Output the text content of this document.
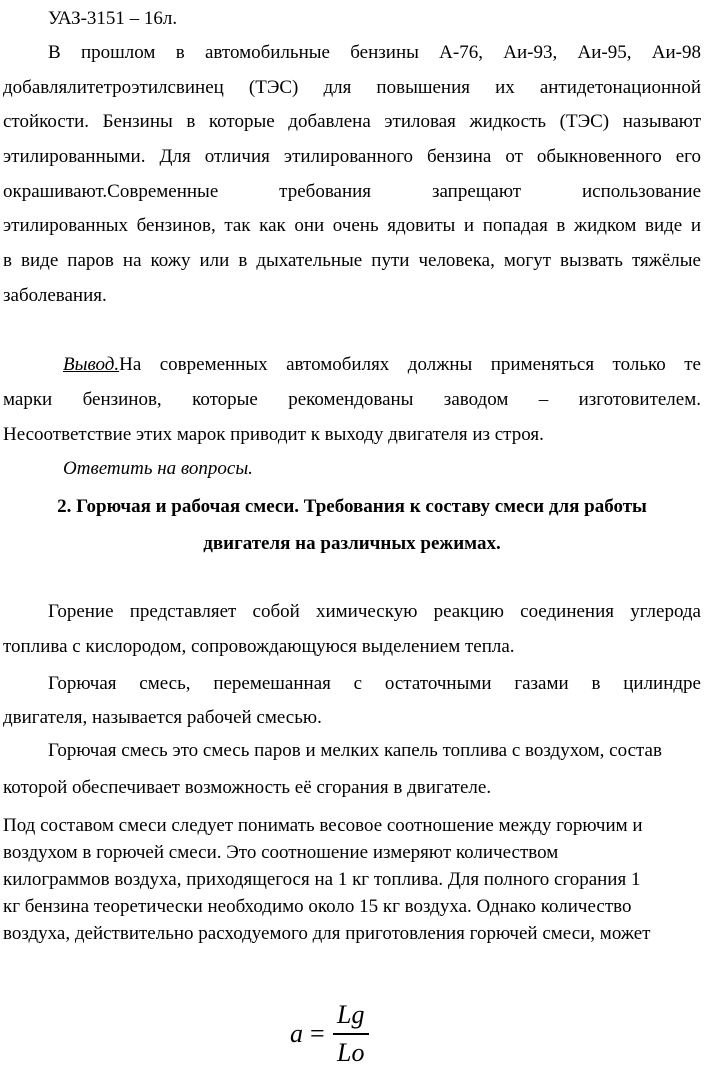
УАЗ-3151 – 16л.
В прошлом в автомобильные бензины А-76, Аи-93, Аи-95, Аи-98
добавлялитетроэтилсвинец (ТЭС) для повышения их антидетонационной
стойкости. Бензины в которые добавлена этиловая жидкость (ТЭС) называют
этилированными. Для отличия этилированного бензина от обыкновенного его
окрашивают.Современные требования запрещают использование
этилированных бензинов, так как они очень ядовиты и попадая в жидком виде и
в виде паров на кожу или в дыхательные пути человека, могут вызвать тяжёлые
заболевания.
Вывод. На современных автомобилях должны применяться только те
марки бензинов, которые рекомендованы заводом – изготовителем.
Несоответствие этих марок приводит к выходу двигателя из строя.
Ответить на вопросы.
2. Горючая и рабочая смеси. Требования к составу смеси для работы
двигателя на различных режимах.
Горение представляет собой химическую реакцию соединения углерода
топлива с кислородом, сопровождающуюся выделением тепла.
Горючая смесь, перемешанная с остаточными газами в цилиндре
двигателя, называется рабочей смесью.
Горючая смесь это смесь паров и мелких капель топлива с воздухом, состав
которой обеспечивает возможность её сгорания в двигателе.
Под составом смеси следует понимать весовое соотношение между горючим и
воздухом в горючей смеси. Это соотношение измеряют количеством
килограммов воздуха, приходящегося на 1 кг топлива. Для полного сгорания 1
кг бензина теоретически необходимо около 15 кг воздуха. Однако количество
воздуха, действительно расходуемого для приготовления горючей смеси, может
a =
Lg
Lo
